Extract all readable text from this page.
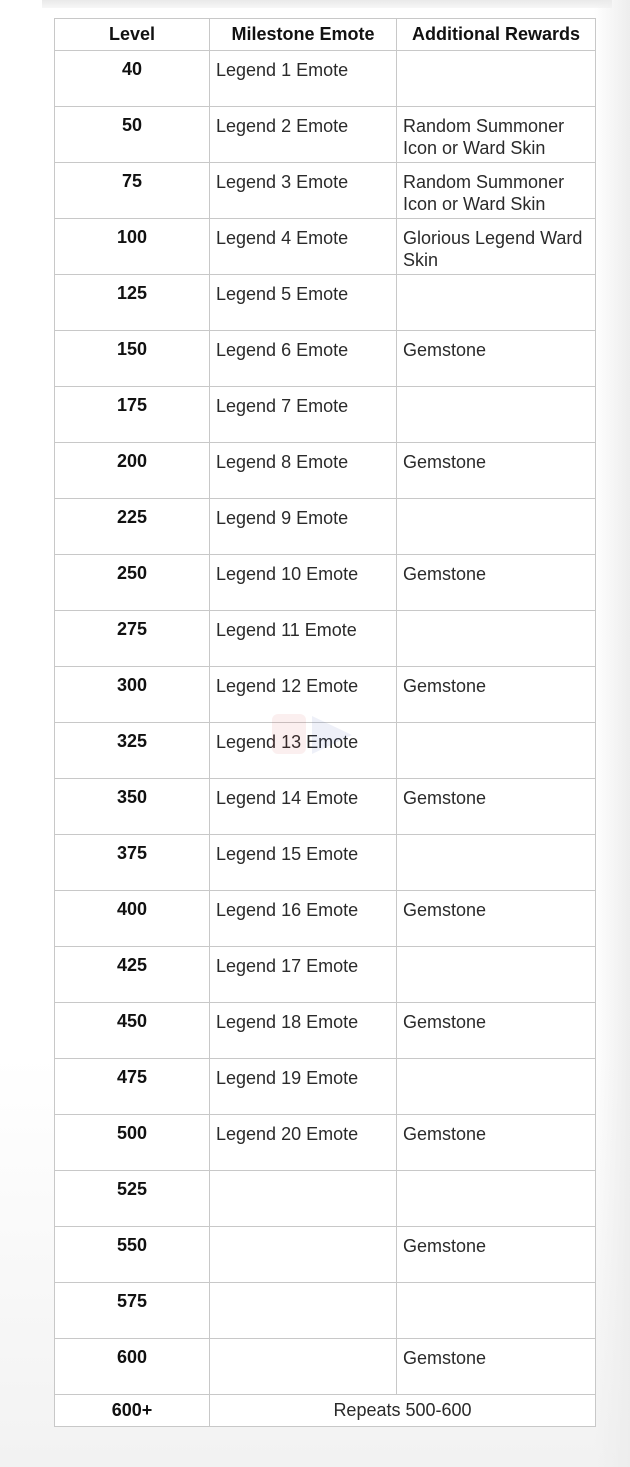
Level	Milestone Emote	Additional Rewards
40	Legend 1 Emote	
50	Legend 2 Emote	Random Summoner Icon or Ward Skin
75	Legend 3 Emote	Random Summoner Icon or Ward Skin
100	Legend 4 Emote	Glorious Legend Ward Skin
125	Legend 5 Emote	
150	Legend 6 Emote	Gemstone
175	Legend 7 Emote	
200	Legend 8 Emote	Gemstone
225	Legend 9 Emote	
250	Legend 10 Emote	Gemstone
275	Legend 11 Emote	
300	Legend 12 Emote	Gemstone
325	Legend 13 Emote	
350	Legend 14 Emote	Gemstone
375	Legend 15 Emote	
400	Legend 16 Emote	Gemstone
425	Legend 17 Emote	
450	Legend 18 Emote	Gemstone
475	Legend 19 Emote	
500	Legend 20 Emote	Gemstone
525		
550		Gemstone
575		
600		Gemstone
600+	Repeats 500-600	
